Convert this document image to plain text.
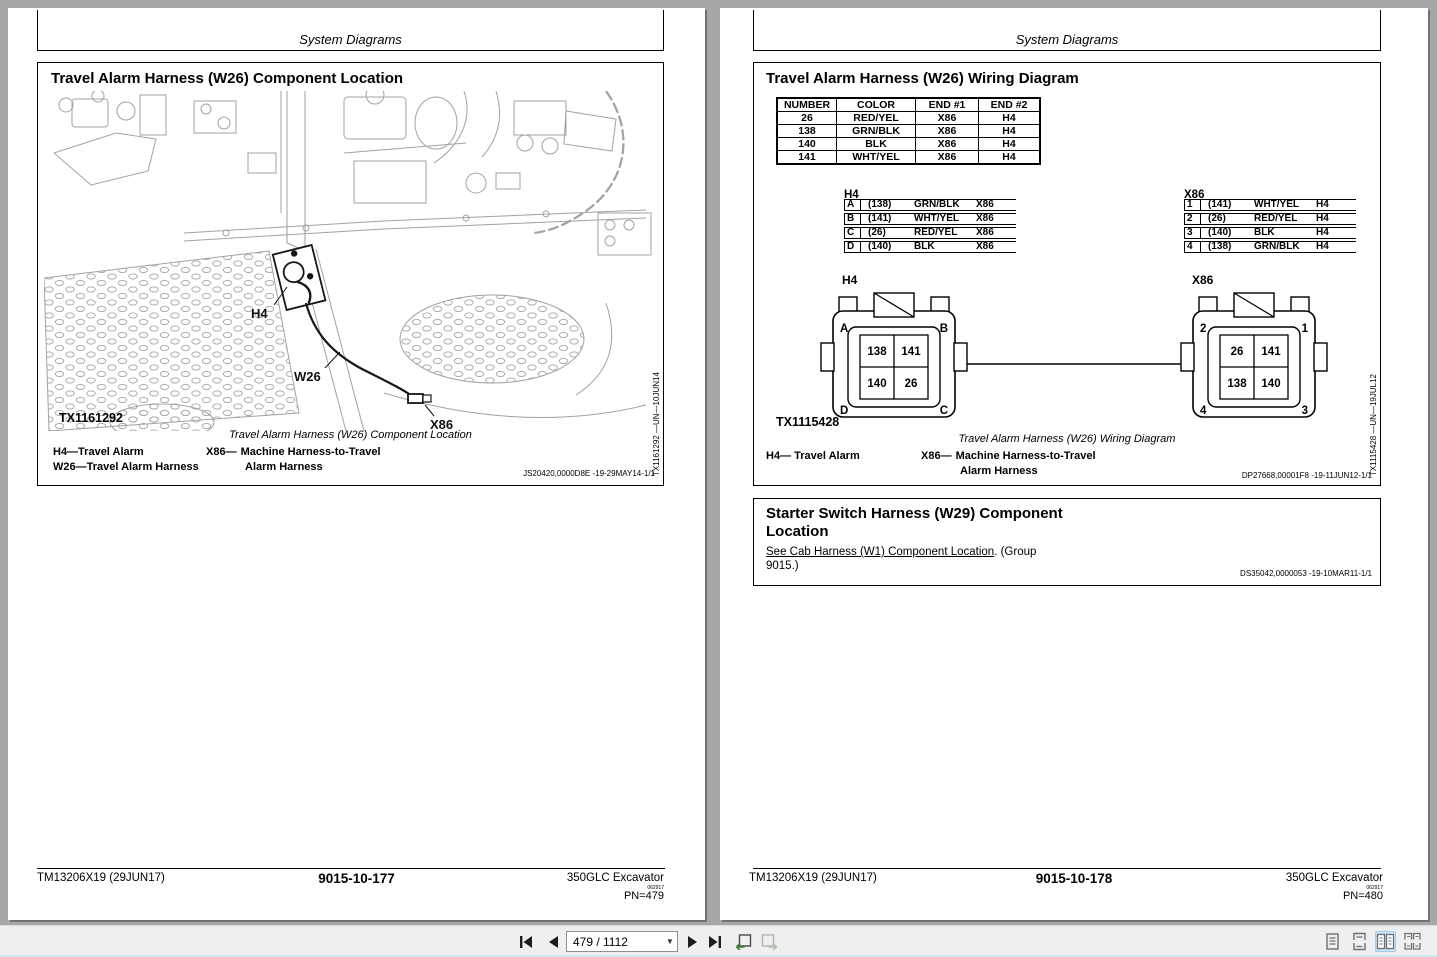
System Diagrams
Travel Alarm Harness (W26) Component Location
H4
W26
X86
TX1161292	TX1161292 —UN—10JUN14
Travel Alarm Harness (W26) Component Location
H4—Travel Alarm
W26—Travel Alarm Harness
X86— Machine Harness-to-Travel
Alarm Harness
JS20420,0000D8E -19-29MAY14-1/1
TM13206X19 (29JUN17)	9015-10-177	350GLC Excavator
062917
PN=479
System Diagrams
Travel Alarm Harness (W26) Wiring Diagram
NUMBER	COLOR	END #1	END #2
26	RED/YEL	X86	H4
138	GRN/BLK	X86	H4
140	BLK	X86	H4
141	WHT/YEL	X86	H4
H4
A	(138)	GRN/BLK	X86
B	(141)	WHT/YEL	X86
C	(26)	RED/YEL	X86
D	(140)	BLK	X86
X86
1	(141)	WHT/YEL	H4
2	(26)	RED/YEL	H4
3	(140)	BLK	H4
4	(138)	GRN/BLK	H4
H4	X86
A	B
D	C
138 141
140 26
2	1
4	3
26 141
138 140
TX1115428	TX1115428 —UN—19JUL12
Travel Alarm Harness (W26) Wiring Diagram
H4— Travel Alarm	X86— Machine Harness-to-Travel
Alarm Harness	DP27668,00001F8 -19-11JUN12-1/1
Starter Switch Harness (W29) Component
Location
See Cab Harness (W1) Component Location. (Group
9015.)
DS35042,0000053 -19-10MAR11-1/1
TM13206X19 (29JUN17)	9015-10-178	350GLC Excavator
062917
PN=480
479 / 1112
▼
